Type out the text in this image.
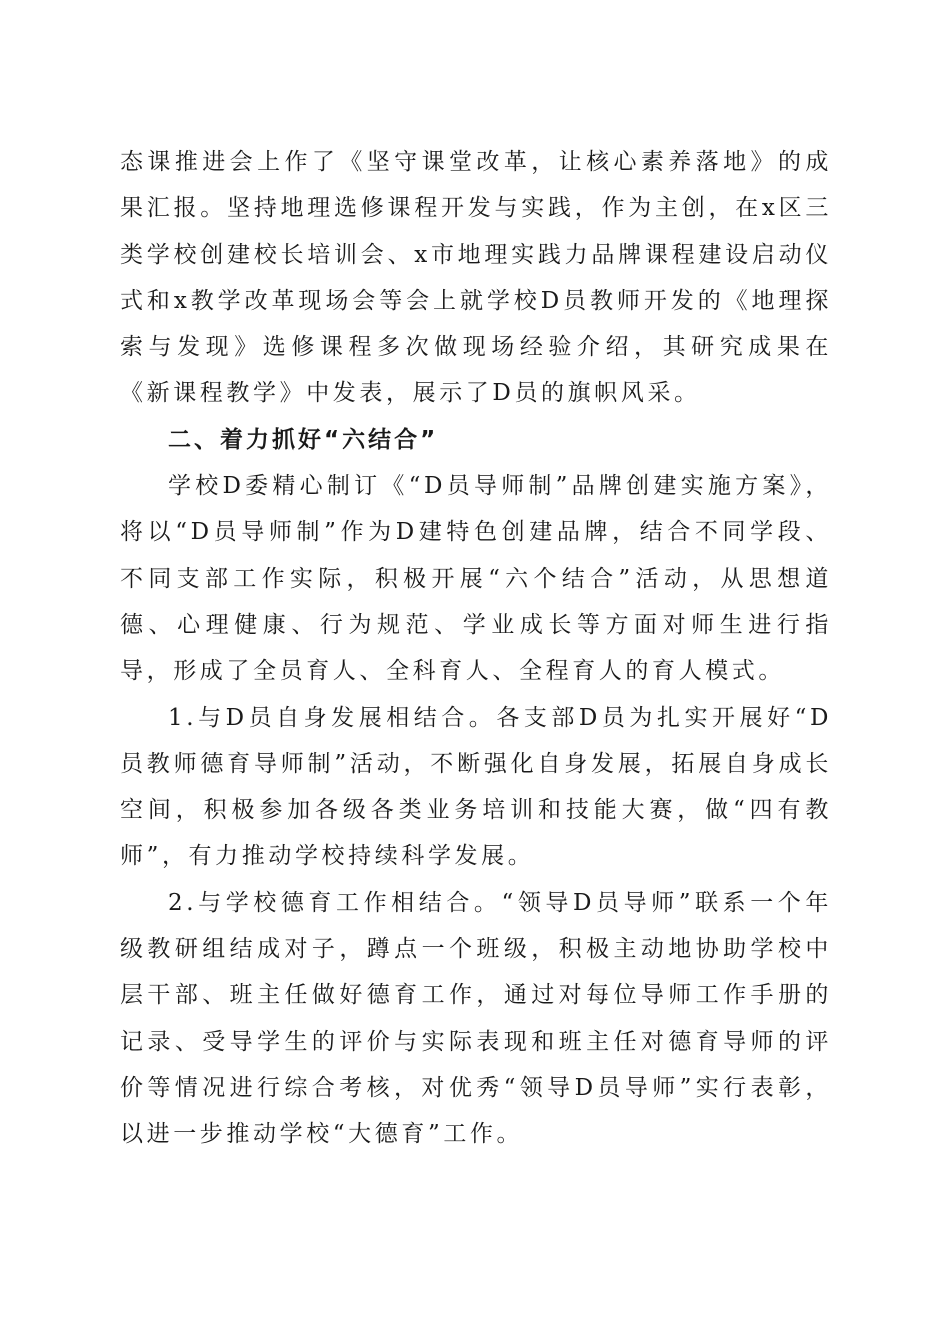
态课推进会上作了《坚守课堂改革，让核心素养落地》的成果汇报。坚持地理选修课程开发与实践，作为主创，在x区三类学校创建校长培训会、x市地理实践力品牌课程建设启动仪式和x教学改革现场会等会上就学校D员教师开发的《地理探索与发现》选修课程多次做现场经验介绍，其研究成果在《新课程教学》中发表，展示了D员的旗帜风采。

二、着力抓好“六结合”

学校D委精心制订《“D员导师制”品牌创建实施方案》，将以“D员导师制”作为D建特色创建品牌，结合不同学段、不同支部工作实际，积极开展“六个结合”活动，从思想道德、心理健康、行为规范、学业成长等方面对师生进行指导，形成了全员育人、全科育人、全程育人的育人模式。

1.与D员自身发展相结合。各支部D员为扎实开展好“D员教师德育导师制”活动，不断强化自身发展，拓展自身成长空间，积极参加各级各类业务培训和技能大赛，做“四有教师”，有力推动学校持续科学发展。

2.与学校德育工作相结合。“领导D员导师”联系一个年级教研组结成对子，蹲点一个班级，积极主动地协助学校中层干部、班主任做好德育工作，通过对每位导师工作手册的记录、受导学生的评价与实际表现和班主任对德育导师的评价等情况进行综合考核，对优秀“领导D员导师”实行表彰，以进一步推动学校“大德育”工作。
